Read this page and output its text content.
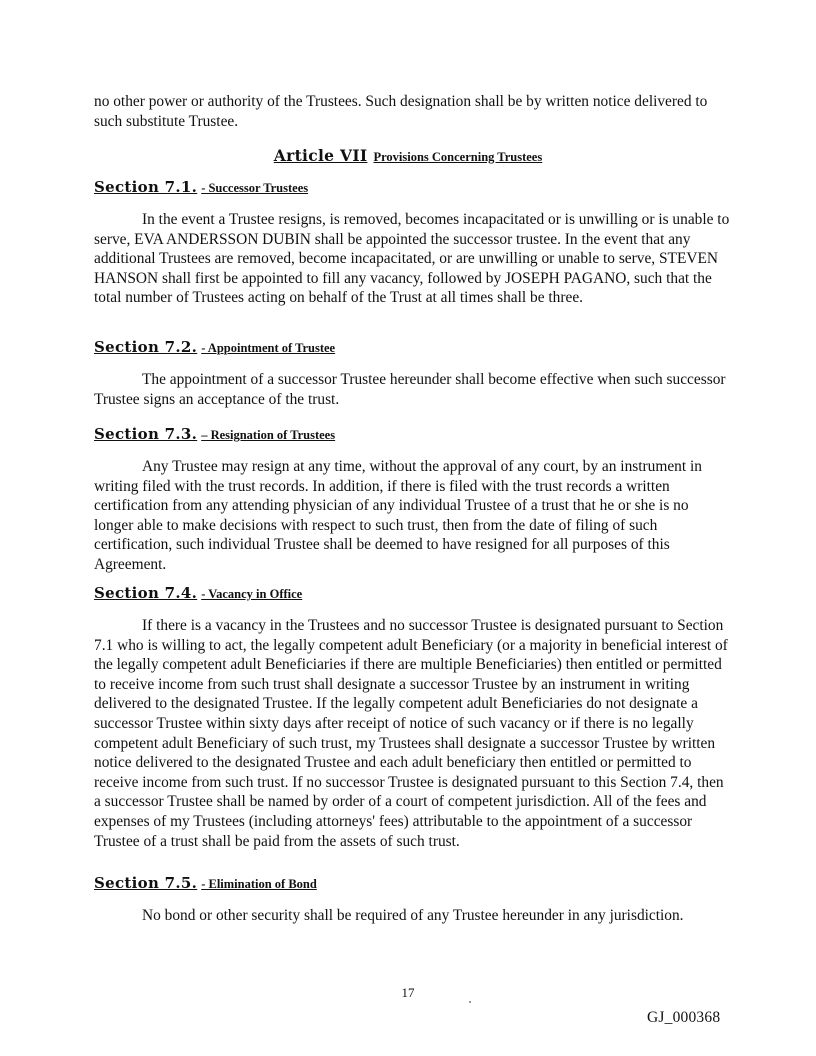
no other power or authority of the Trustees. Such designation shall be by written notice delivered to such substitute Trustee.

Article VII Provisions Concerning Trustees
Section 7.1. - Successor Trustees

In the event a Trustee resigns, is removed, becomes incapacitated or is unwilling or is unable to serve, EVA ANDERSSON DUBIN shall be appointed the successor trustee. In the event that any additional Trustees are removed, become incapacitated, or are unwilling or unable to serve, STEVEN HANSON shall first be appointed to fill any vacancy, followed by JOSEPH PAGANO, such that the total number of Trustees acting on behalf of the Trust at all times shall be three.

Section 7.2. - Appointment of Trustee

The appointment of a successor Trustee hereunder shall become effective when such successor Trustee signs an acceptance of the trust.

Section 7.3. – Resignation of Trustees

Any Trustee may resign at any time, without the approval of any court, by an instrument in writing filed with the trust records. In addition, if there is filed with the trust records a written certification from any attending physician of any individual Trustee of a trust that he or she is no longer able to make decisions with respect to such trust, then from the date of filing of such certification, such individual Trustee shall be deemed to have resigned for all purposes of this Agreement.

Section 7.4. - Vacancy in Office

If there is a vacancy in the Trustees and no successor Trustee is designated pursuant to Section 7.1 who is willing to act, the legally competent adult Beneficiary (or a majority in beneficial interest of the legally competent adult Beneficiaries if there are multiple Beneficiaries) then entitled or permitted to receive income from such trust shall designate a successor Trustee by an instrument in writing delivered to the designated Trustee. If the legally competent adult Beneficiaries do not designate a successor Trustee within sixty days after receipt of notice of such vacancy or if there is no legally competent adult Beneficiary of such trust, my Trustees shall designate a successor Trustee by written notice delivered to the designated Trustee and each adult beneficiary then entitled or permitted to receive income from such trust. If no successor Trustee is designated pursuant to this Section 7.4, then a successor Trustee shall be named by order of a court of competent jurisdiction. All of the fees and expenses of my Trustees (including attorneys' fees) attributable to the appointment of a successor Trustee of a trust shall be paid from the assets of such trust.

Section 7.5. - Elimination of Bond

No bond or other security shall be required of any Trustee hereunder in any jurisdiction.

17
GJ_000368
